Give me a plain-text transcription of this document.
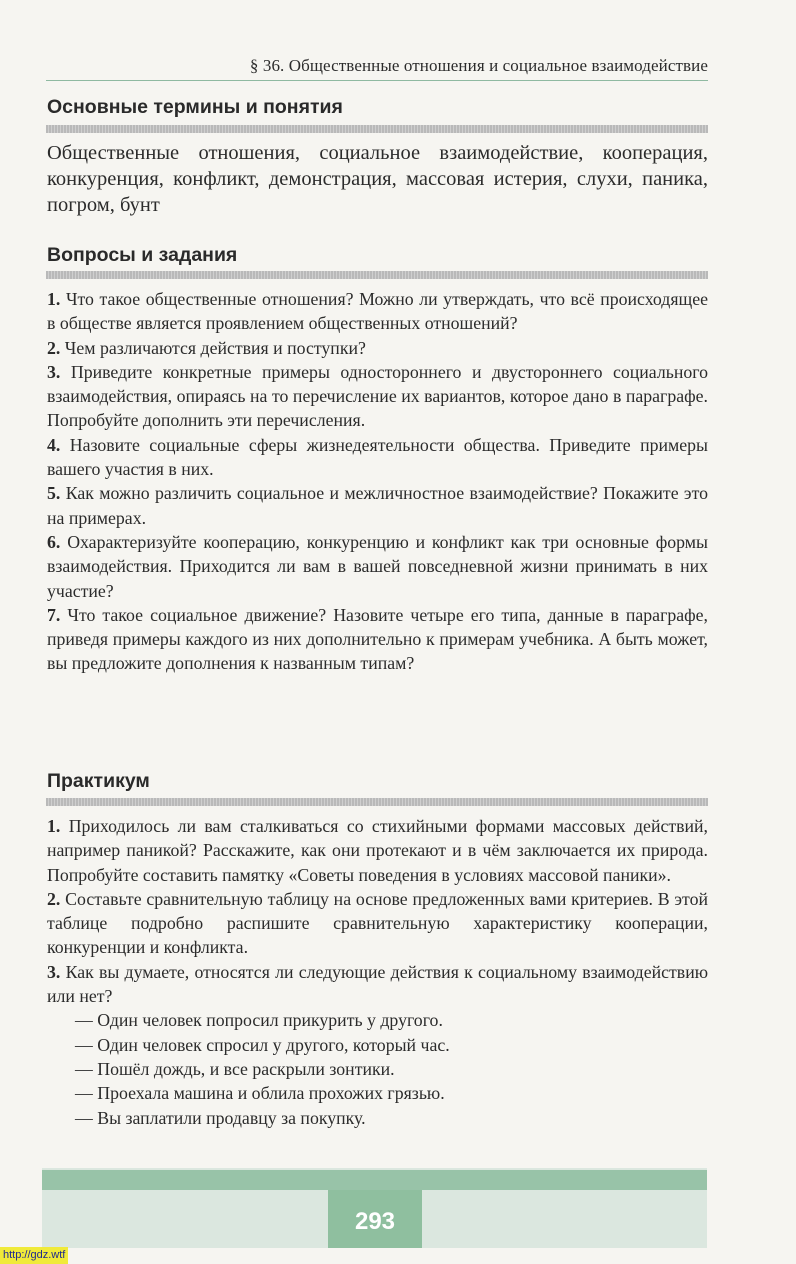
§ 36. Общественные отношения и социальное взаимодействие
Основные термины и понятия

Общественные отношения, социальное взаимодействие, кооперация, конкуренция, конфликт, демонстрация, массовая истерия, слухи, паника, погром, бунт

Вопросы и задания
1. Что такое общественные отношения? Можно ли утверждать, что всё происходящее в обществе является проявлением общественных отношений?
2. Чем различаются действия и поступки?
3. Приведите конкретные примеры одностороннего и двустороннего социального взаимодействия, опираясь на то перечисление их вариантов, которое дано в параграфе. Попробуйте дополнить эти перечисления.
4. Назовите социальные сферы жизнедеятельности общества. Приведите примеры вашего участия в них.
5. Как можно различить социальное и межличностное взаимодействие? Покажите это на примерах.
6. Охарактеризуйте кооперацию, конкуренцию и конфликт как три основные формы взаимодействия. Приходится ли вам в вашей повседневной жизни принимать в них участие?
7. Что такое социальное движение? Назовите четыре его типа, данные в параграфе, приведя примеры каждого из них дополнительно к примерам учебника. А быть может, вы предложите дополнения к названным типам?
Практикум
1. Приходилось ли вам сталкиваться со стихийными формами массовых действий, например паникой? Расскажите, как они протекают и в чём заключается их природа. Попробуйте составить памятку «Советы поведения в условиях массовой паники».
2. Составьте сравнительную таблицу на основе предложенных вами критериев. В этой таблице подробно распишите сравнительную характеристику кооперации, конкуренции и конфликта.
3. Как вы думаете, относятся ли следующие действия к социальному взаимодействию или нет?
— Один человек попросил прикурить у другого.
— Один человек спросил у другого, который час.
— Пошёл дождь, и все раскрыли зонтики.
— Проехала машина и облила прохожих грязью.
— Вы заплатили продавцу за покупку.
293
http://gdz.wtf
